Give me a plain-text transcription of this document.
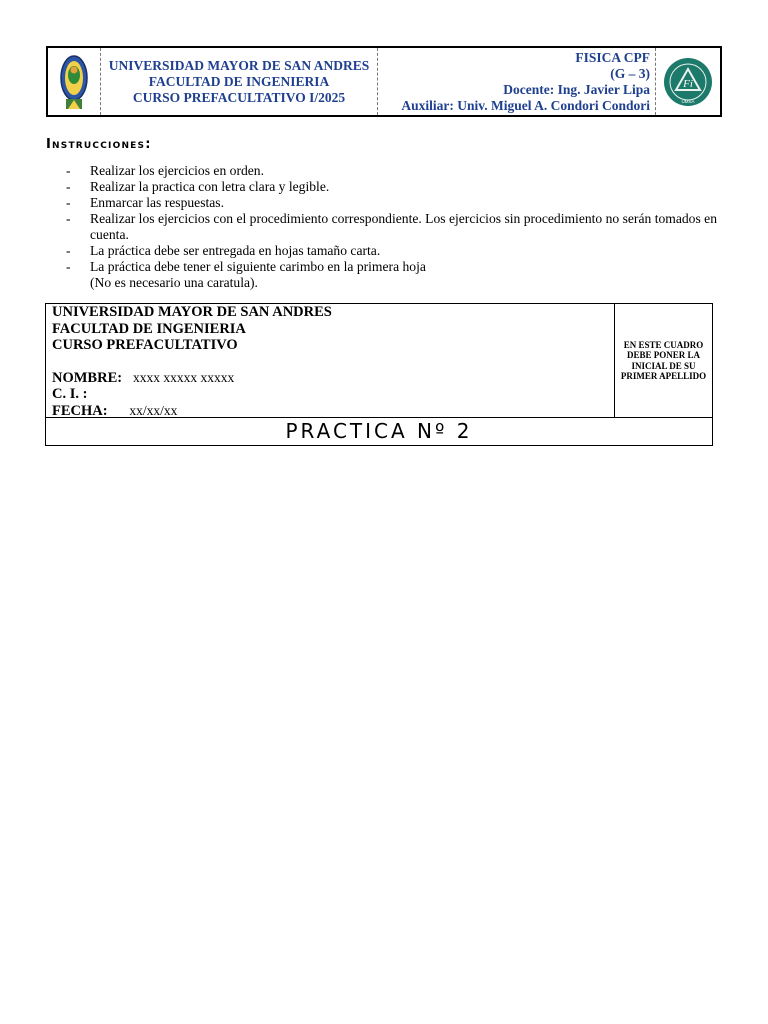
UNIVERSIDAD MAYOR DE SAN ANDRES
FACULTAD DE INGENIERIA
CURSO PREFACULTATIVO I/2025
FISICA CPF
(G – 3)
Docente: Ing. Javier Lipa
Auxiliar: Univ. Miguel A. Condori Condori
Fi
UMSA
Instrucciones:
- Realizar los ejercicios en orden.
- Realizar la practica con letra clara y legible.
- Enmarcar las respuestas.
- Realizar los ejercicios con el procedimiento correspondiente. Los ejercicios sin procedimiento no serán tomados en cuenta.
- La práctica debe ser entregada en hojas tamaño carta.
- La práctica debe tener el siguiente carimbo en la primera hoja
(No es necesario una caratula).
UNIVERSIDAD MAYOR DE SAN ANDRES
FACULTAD DE INGENIERIA
CURSO PREFACULTATIVO
NOMBRE: xxxx xxxxx xxxxx
C. I. :
FECHA: xx/xx/xx
EN ESTE CUADRO DEBE PONER LA INICIAL DE SU PRIMER APELLIDO
PRACTICA Nº 2
